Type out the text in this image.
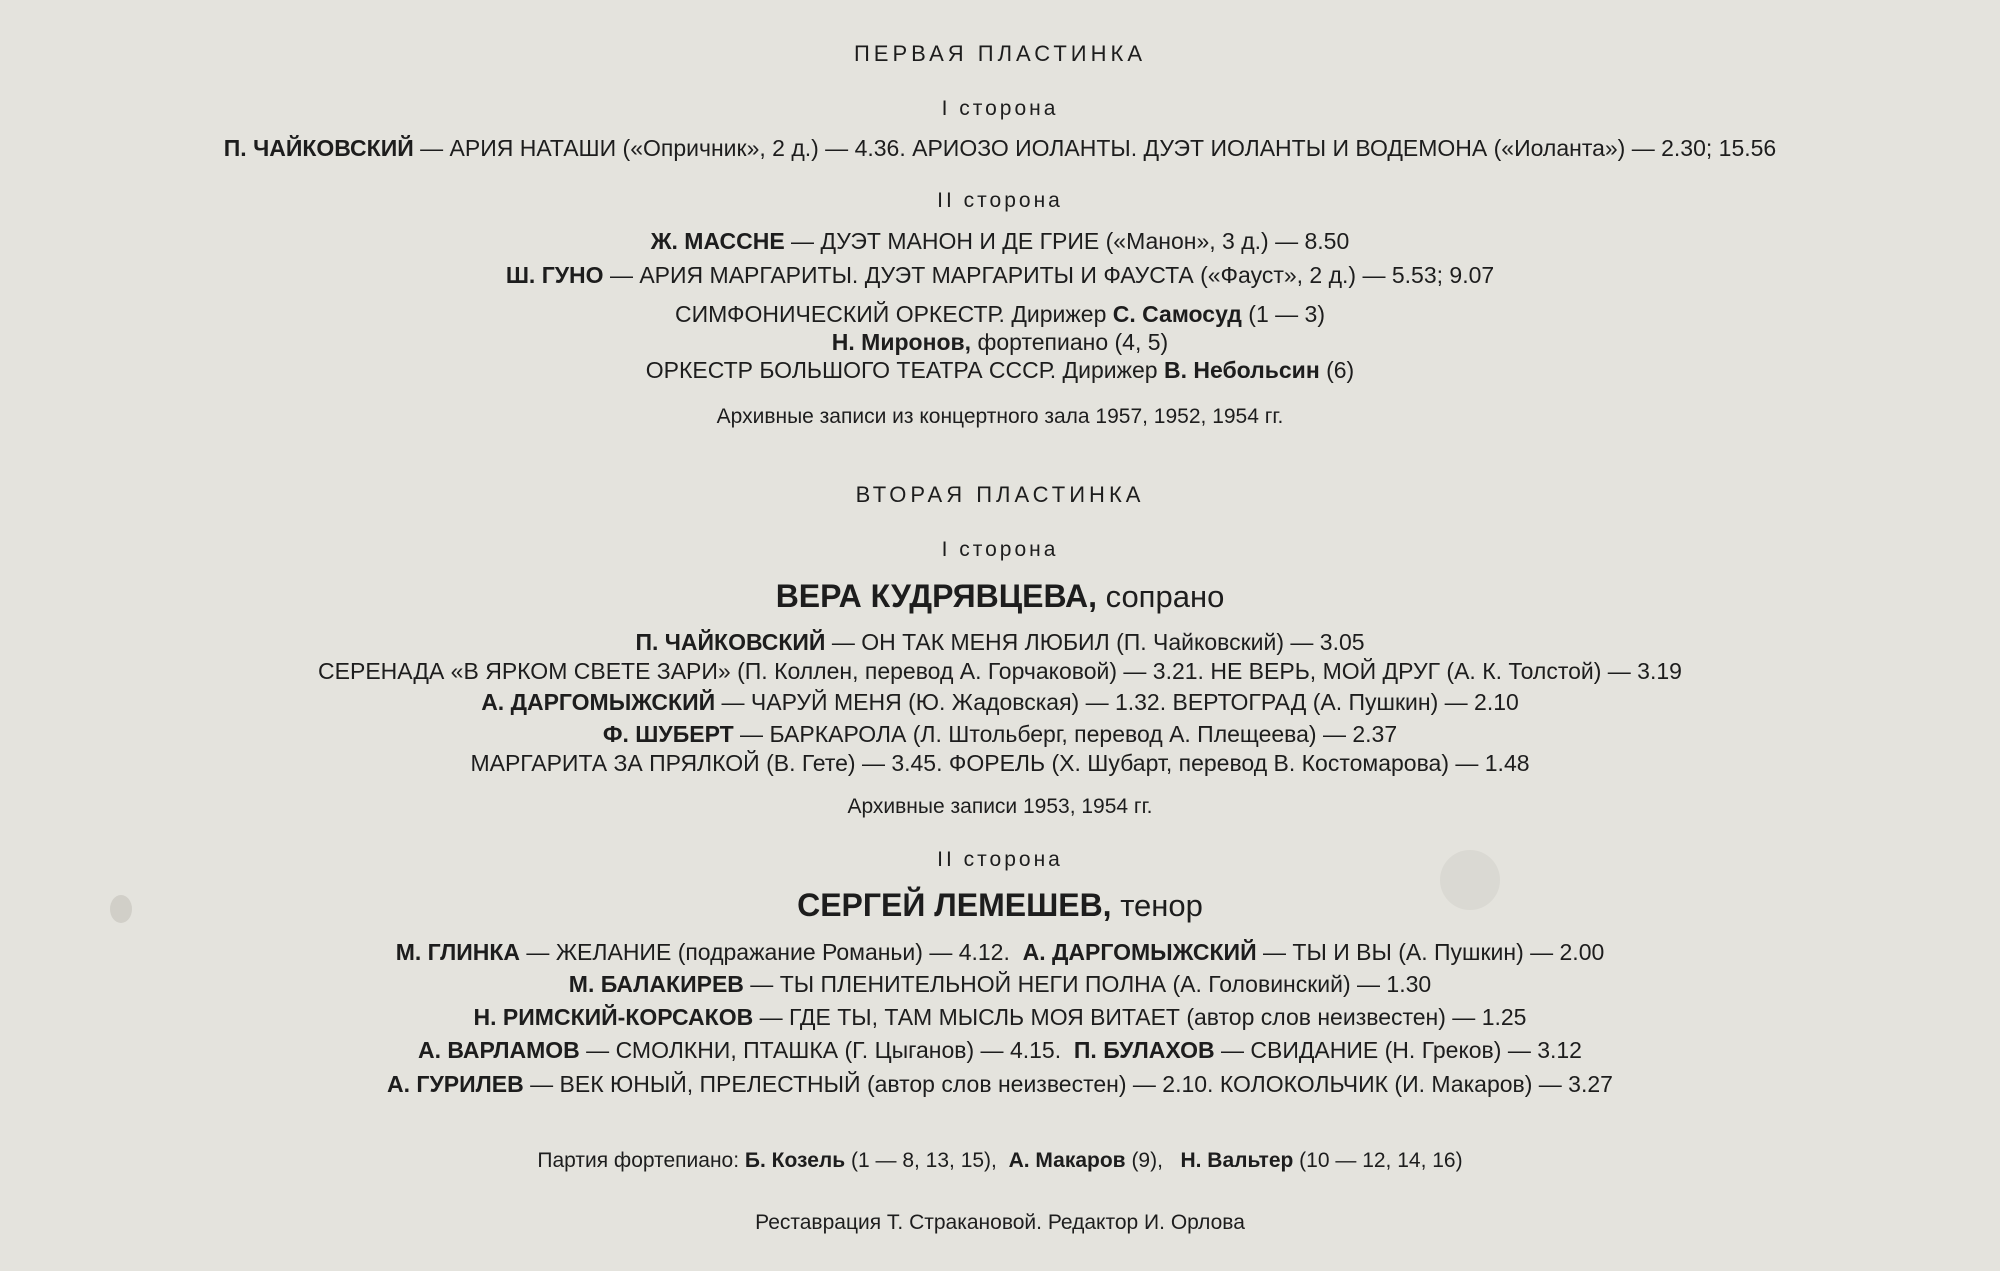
ПЕРВАЯ ПЛАСТИНКА
I сторона
П. ЧАЙКОВСКИЙ — АРИЯ НАТАШИ («Опричник», 2 д.) — 4.36. АРИОЗО ИОЛАНТЫ. ДУЭТ ИОЛАНТЫ И ВОДЕМОНА («Иоланта») — 2.30; 15.56
II сторона
Ж. МАССНЕ — ДУЭТ МАНОН И ДЕ ГРИЕ («Манон», 3 д.) — 8.50
Ш. ГУНО — АРИЯ МАРГАРИТЫ. ДУЭТ МАРГАРИТЫ И ФАУСТА («Фауст», 2 д.) — 5.53; 9.07
СИМФОНИЧЕСКИЙ ОРКЕСТР. Дирижер С. Самосуд (1 — 3)
Н. Миронов, фортепиано (4, 5)
ОРКЕСТР БОЛЬШОГО ТЕАТРА СССР. Дирижер В. Небольсин (6)
Архивные записи из концертного зала 1957, 1952, 1954 гг.
ВТОРАЯ ПЛАСТИНКА
I сторона
ВЕРА КУДРЯВЦЕВА, сопрано
П. ЧАЙКОВСКИЙ — ОН ТАК МЕНЯ ЛЮБИЛ (П. Чайковский) — 3.05
СЕРЕНАДА «В ЯРКОМ СВЕТЕ ЗАРИ» (П. Коллен, перевод А. Горчаковой) — 3.21. НЕ ВЕРЬ, МОЙ ДРУГ (А. К. Толстой) — 3.19
А. ДАРГОМЫЖСКИЙ — ЧАРУЙ МЕНЯ (Ю. Жадовская) — 1.32. ВЕРТОГРАД (А. Пушкин) — 2.10
Ф. ШУБЕРТ — БАРКАРОЛА (Л. Штольберг, перевод А. Плещеева) — 2.37
МАРГАРИТА ЗА ПРЯЛКОЙ (В. Гете) — 3.45. ФОРЕЛЬ (Х. Шубарт, перевод В. Костомарова) — 1.48
Архивные записи 1953, 1954 гг.
II сторона
СЕРГЕЙ ЛЕМЕШЕВ, тенор
М. ГЛИНКА — ЖЕЛАНИЕ (подражание Романьи) — 4.12. А. ДАРГОМЫЖСКИЙ — ТЫ И ВЫ (А. Пушкин) — 2.00
М. БАЛАКИРЕВ — ТЫ ПЛЕНИТЕЛЬНОЙ НЕГИ ПОЛНА (А. Головинский) — 1.30
Н. РИМСКИЙ-КОРСАКОВ — ГДЕ ТЫ, ТАМ МЫСЛЬ МОЯ ВИТАЕТ (автор слов неизвестен) — 1.25
А. ВАРЛАМОВ — СМОЛКНИ, ПТАШКА (Г. Цыганов) — 4.15. П. БУЛАХОВ — СВИДАНИЕ (Н. Греков) — 3.12
А. ГУРИЛЕВ — ВЕК ЮНЫЙ, ПРЕЛЕСТНЫЙ (автор слов неизвестен) — 2.10. КОЛОКОЛЬЧИК (И. Макаров) — 3.27
Партия фортепиано: Б. Козель (1 — 8, 13, 15), А. Макаров (9), Н. Вальтер (10 — 12, 14, 16)
Реставрация Т. Стракановой. Редактор И. Орлова
